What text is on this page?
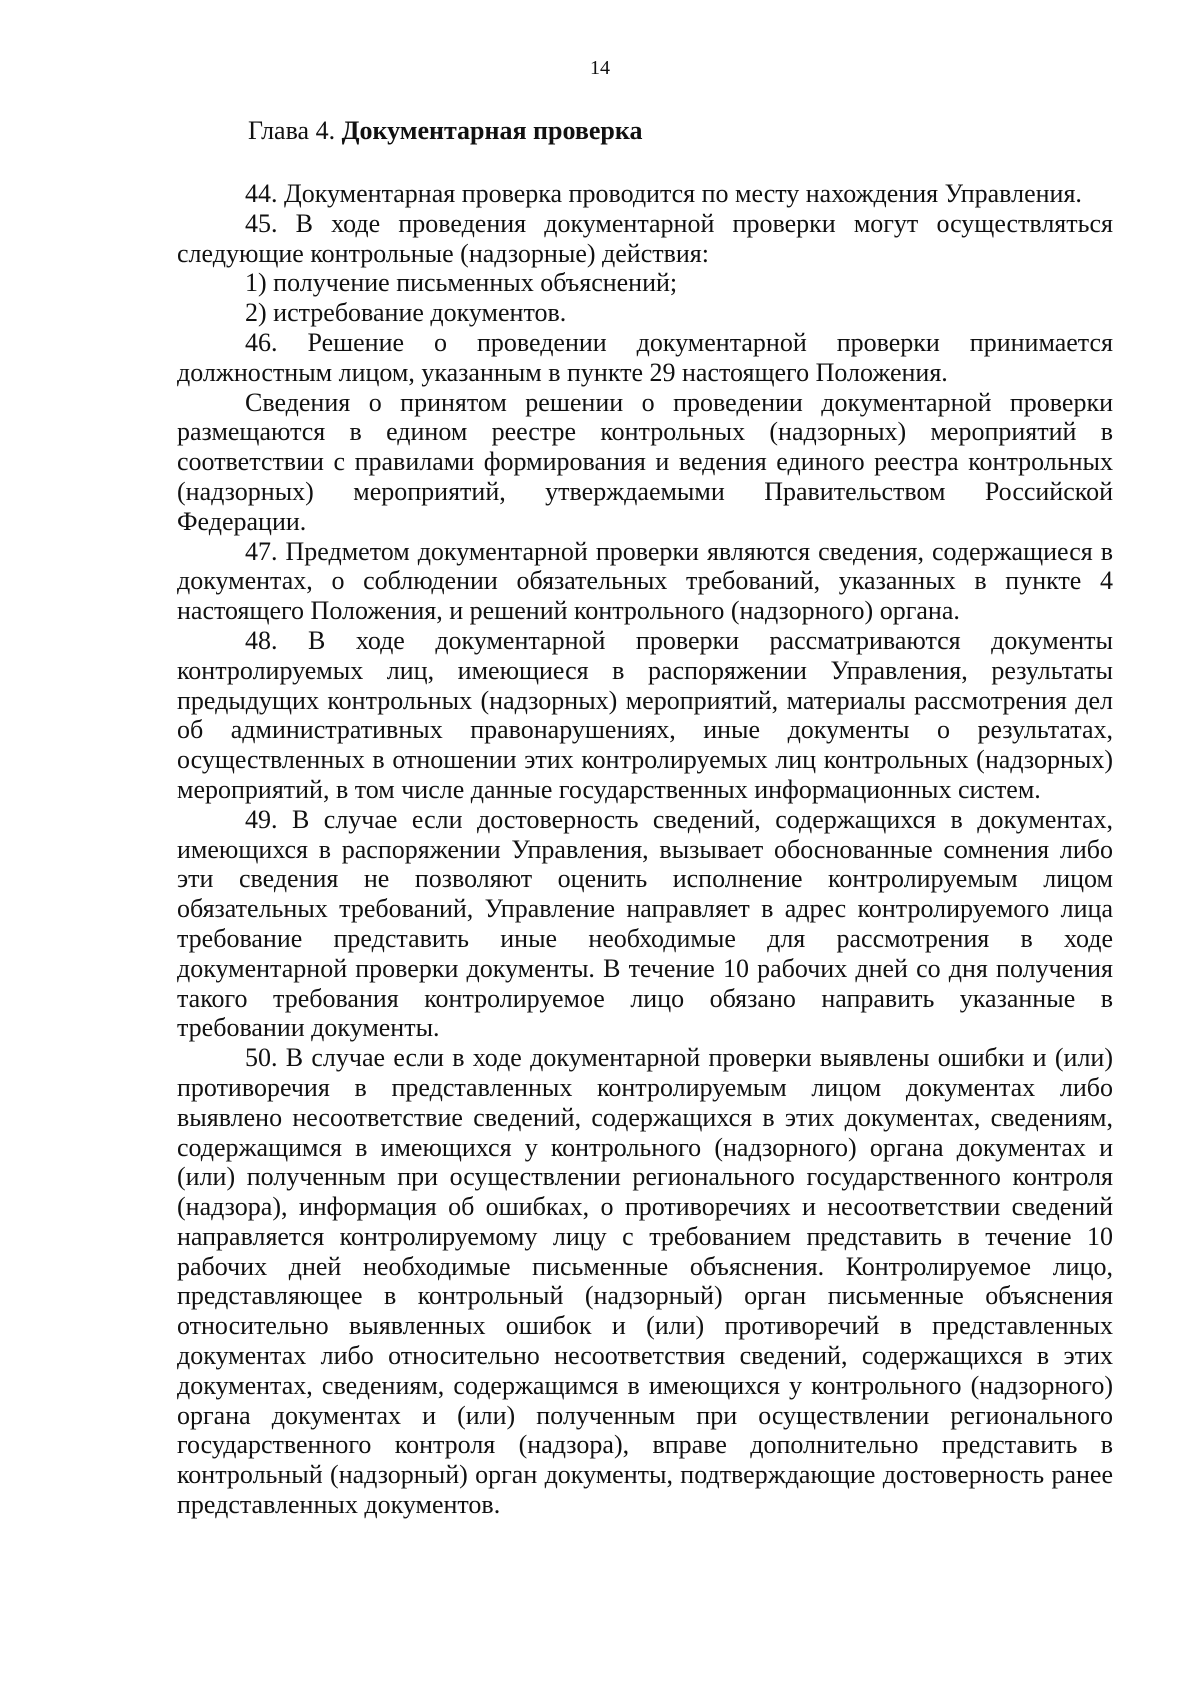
14

Глава 4. Документарная проверка

44. Документарная проверка проводится по месту нахождения Управления.

45. В ходе проведения документарной проверки могут осуществляться следующие контрольные (надзорные) действия:

1) получение письменных объяснений;

2) истребование документов.

46. Решение о проведении документарной проверки принимается должностным лицом, указанным в пункте 29 настоящего Положения.

Сведения о принятом решении о проведении документарной проверки размещаются в едином реестре контрольных (надзорных) мероприятий в соответствии с правилами формирования и ведения единого реестра контрольных (надзорных) мероприятий, утверждаемыми Правительством Российской Федерации.

47. Предметом документарной проверки являются сведения, содержащиеся в документах, о соблюдении обязательных требований, указанных в пункте 4 настоящего Положения, и решений контрольного (надзорного) органа.

48. В ходе документарной проверки рассматриваются документы контролируемых лиц, имеющиеся в распоряжении Управления, результаты предыдущих контрольных (надзорных) мероприятий, материалы рассмотрения дел об административных правонарушениях, иные документы о результатах, осуществленных в отношении этих контролируемых лиц контрольных (надзорных) мероприятий, в том числе данные государственных информационных систем.

49. В случае если достоверность сведений, содержащихся в документах, имеющихся в распоряжении Управления, вызывает обоснованные сомнения либо эти сведения не позволяют оценить исполнение контролируемым лицом обязательных требований, Управление направляет в адрес контролируемого лица требование представить иные необходимые для рассмотрения в ходе документарной проверки документы. В течение 10 рабочих дней со дня получения такого требования контролируемое лицо обязано направить указанные в требовании документы.

50. В случае если в ходе документарной проверки выявлены ошибки и (или) противоречия в представленных контролируемым лицом документах либо выявлено несоответствие сведений, содержащихся в этих документах, сведениям, содержащимся в имеющихся у контрольного (надзорного) органа документах и (или) полученным при осуществлении регионального государственного контроля (надзора), информация об ошибках, о противоречиях и несоответствии сведений направляется контролируемому лицу с требованием представить в течение 10 рабочих дней необходимые письменные объяснения. Контролируемое лицо, представляющее в контрольный (надзорный) орган письменные объяснения относительно выявленных ошибок и (или) противоречий в представленных документах либо относительно несоответствия сведений, содержащихся в этих документах, сведениям, содержащимся в имеющихся у контрольного (надзорного) органа документах и (или) полученным при осуществлении регионального государственного контроля (надзора), вправе дополнительно представить в контрольный (надзорный) орган документы, подтверждающие достоверность ранее представленных документов.
